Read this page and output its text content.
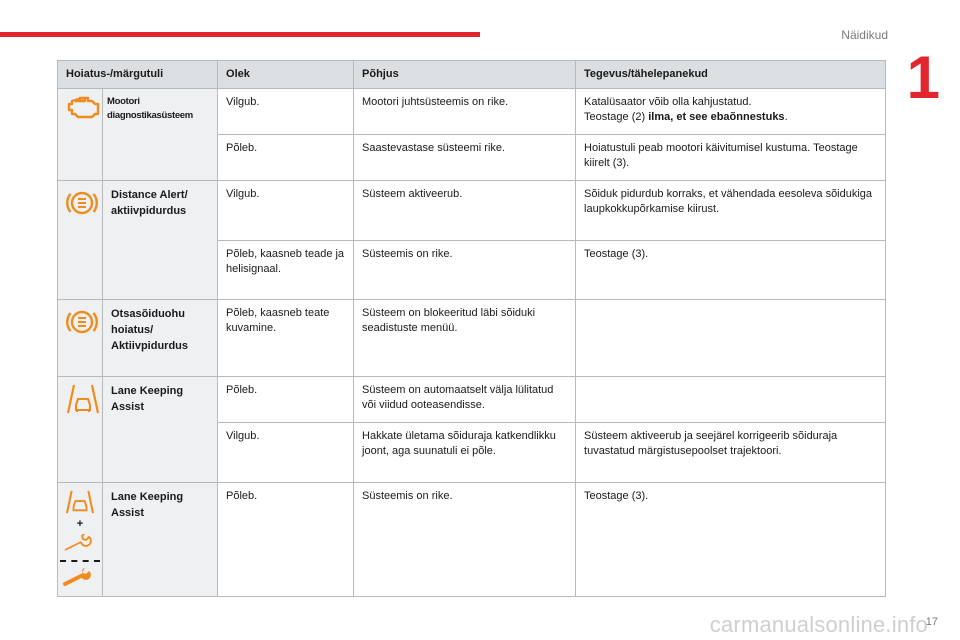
Näidikud
1
Hoiatus-/märgutuli		Olek	Põhjus	Tegevus/tähelepanekud

	Mootori diagnostikasüsteem	Vilgub.	Mootori juhtsüsteemis on rike.	Katalüsaator võib olla kahjustatud.
Teostage (2) ilma, et see ebaõnnestuks.
		Põleb.	Saastevastase süsteemi rike.	Hoiatustuli peab mootori käivitumisel kustuma. Teostage kiirelt (3).

	Distance Alert/ aktiivpidurdus	Vilgub.	Süsteem aktiveerub.	Sõiduk pidurdub korraks, et vähendada eesoleva sõidukiga laupkokkupõrkamise kiirust.
		Põleb, kaasneb teade ja helisignaal.	Süsteemis on rike.	Teostage (3).

	Otsasõiduohu hoiatus/ Aktiivpidurdus	Põleb, kaasneb teate kuvamine.	Süsteem on blokeeritud läbi sõiduki seadistuste menüü.	

	Lane Keeping Assist	Põleb.	Süsteem on automaatselt välja lülitatud või viidud ooteasendisse.	
		Vilgub.	Hakkate ületama sõiduraja katkendlikku joont, aga suunatuli ei põle.	Süsteem aktiveerub ja seejärel korrigeerib sõiduraja tuvastatud märgistusepoolset trajektoori.

+	Lane Keeping Assist	Põleb.	Süsteemis on rike.	Teostage (3).
17
carmanualsonline.info
